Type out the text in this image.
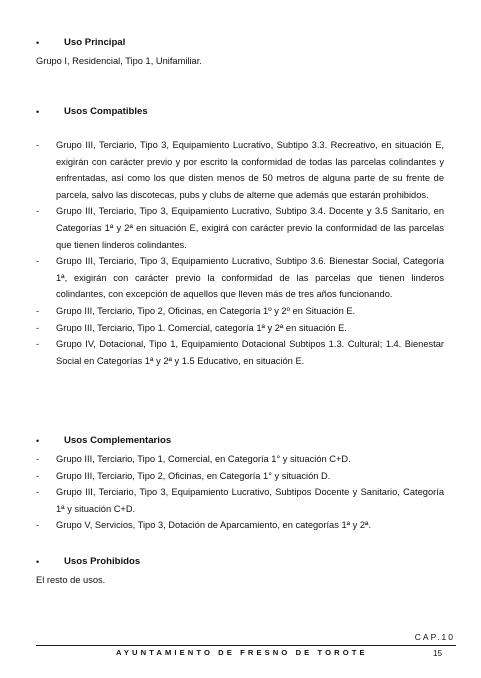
•	Uso Principal
Grupo I, Residencial, Tipo 1, Unifamiliar.
•	Usos Compatibles
- Grupo III, Terciario, Tipo 3, Equipamiento Lucrativo, Subtipo 3.3. Recreativo, en situación E, exigirán con carácter previo y por escrito la conformidad de todas las parcelas colindantes y enfrentadas, así como los que disten menos de 50 metros de alguna parte de su frente de parcela, salvo las discotecas, pubs y clubs de alterne que además que estarán prohibidos.
- Grupo III, Terciario, Tipo 3, Equipamiento Lucrativo, Subtipo 3.4. Docente y 3.5 Sanitario, en Categorías 1ª y 2ª en situación E, exigirá con carácter previo la conformidad de las parcelas que tienen linderos colindantes.
- Grupo III, Terciario, Tipo 3, Equipamiento Lucrativo, Subtipo 3.6. Bienestar Social, Categoría 1ª, exigirán con carácter previo la conformidad de las parcelas que tienen linderos colindantes, con excepción de aquellos que lleven más de tres años funcionando.
- Grupo III, Terciario, Tipo 2, Oficinas, en Categoría 1º y 2º en Situación E.
- Grupo III, Terciario, Tipo 1. Comercial, categoría 1ª y 2ª en situación E.
- Grupo IV, Dotacional, Tipo 1, Equipamiento Dotacional Subtipos 1.3. Cultural; 1.4. Bienestar Social en Categorías 1ª y 2ª y 1.5 Educativo, en situación E.
•	Usos Complementarios
- Grupo III, Terciario, Tipo 1, Comercial, en Categoría 1° y situación C+D.
- Grupo III, Terciario, Tipo 2, Oficinas, en Categoría 1° y situación D.
- Grupo III, Terciario, Tipo 3, Equipamiento Lucrativo, Subtipos Docente y Sanitario, Categoría 1ª y situación C+D.
- Grupo V, Servicios, Tipo 3, Dotación de Aparcamiento, en categorías 1ª y 2ª.
•	Usos Prohibidos
El resto de usos.
CAP.10
AYUNTAMIENTO DE FRESNO DE TOROTE	15
